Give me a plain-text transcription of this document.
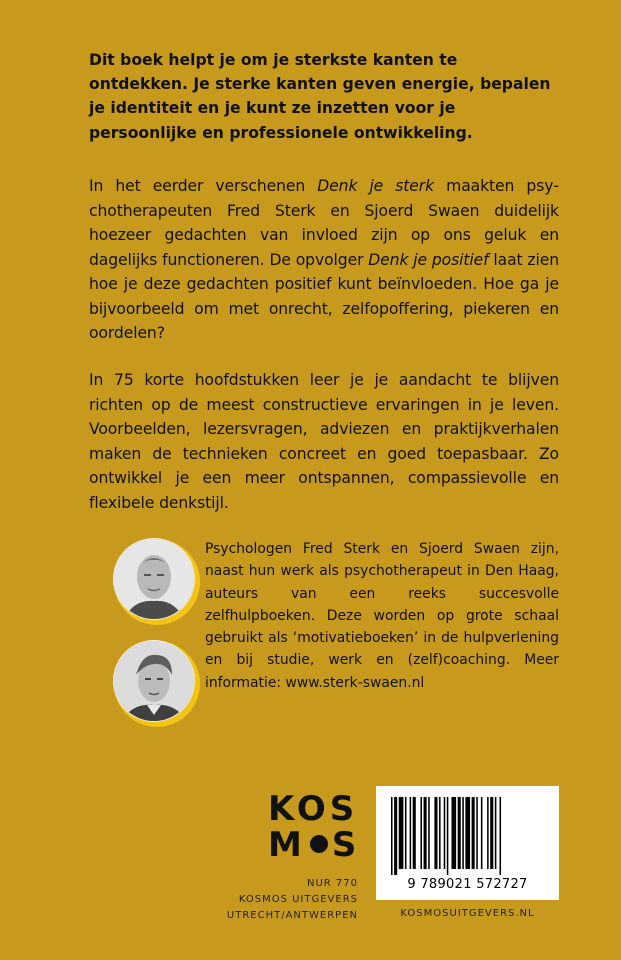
Dit boek helpt je om je sterkste kanten te ontdekken. Je sterke kanten geven energie, bepalen je identiteit en je kunt ze inzetten voor je persoonlijke en professionele ontwikkeling.

In het eerder verschenen Denk je sterk maakten psychotherapeuten Fred Sterk en Sjoerd Swaen duidelijk hoezeer gedachten van invloed zijn op ons geluk en dagelijks functioneren. De opvolger Denk je positief laat zien hoe je deze gedachten positief kunt beïnvloeden. Hoe ga je bijvoorbeeld om met onrecht, zelfopoffering, piekeren en oordelen?

In 75 korte hoofdstukken leer je je aandacht te blijven richten op de meest constructieve ervaringen in je leven. Voorbeelden, lezersvragen, adviezen en praktijkverhalen maken de technieken concreet en goed toepasbaar. Zo ontwikkel je een meer ontspannen, compassievolle en flexibele denkstijl.

Psychologen Fred Sterk en Sjoerd Swaen zijn, naast hun werk als psychotherapeut in Den Haag, auteurs van een reeks succesvolle zelfhulpboeken. Deze worden op grote schaal gebruikt als ‘motivatieboeken’ in de hulpverlening en bij studie, werk en (zelf)coaching. Meer informatie: www.sterk-swaen.nl

KOS
M S
NUR 770
KOSMOS UITGEVERS
UTRECHT/ANTWERPEN
9 789021 572727
KOSMOSUITGEVERS.NL
